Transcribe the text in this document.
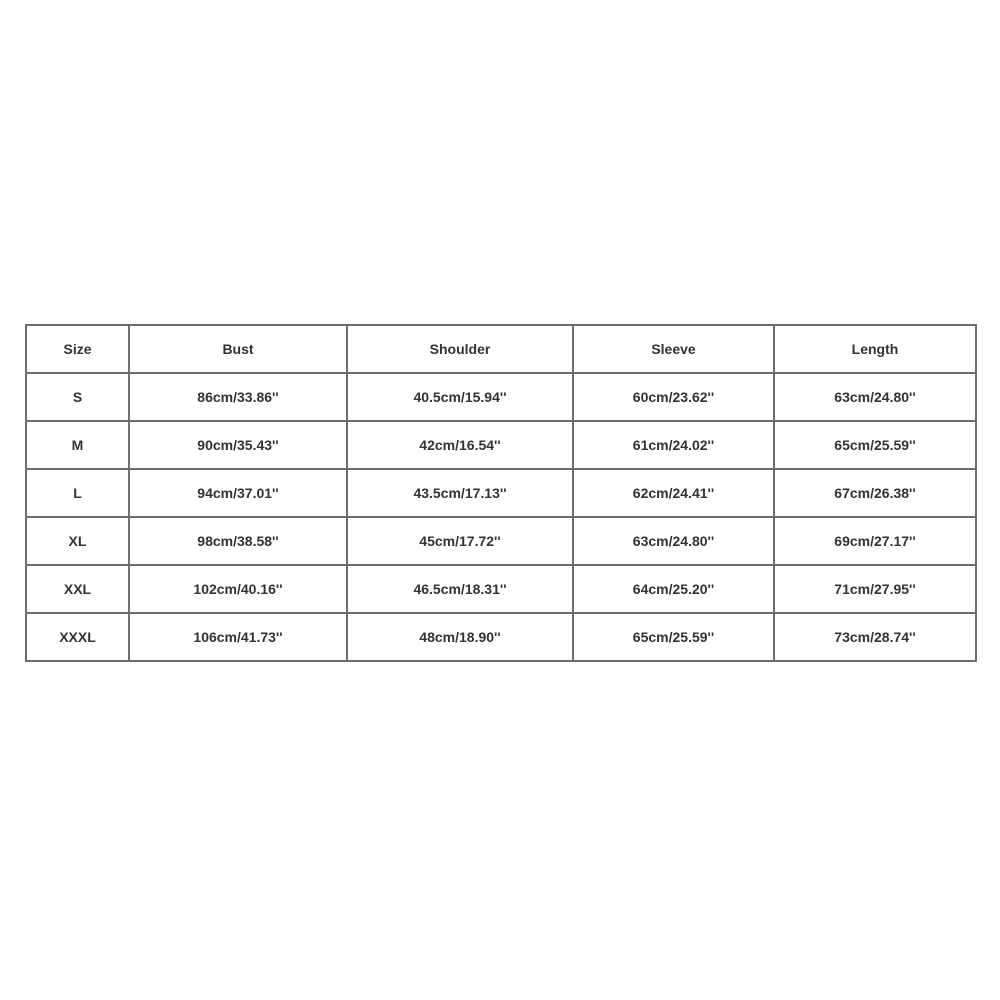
Size	Bust	Shoulder	Sleeve	Length
S	86cm/33.86''	40.5cm/15.94''	60cm/23.62''	63cm/24.80''
M	90cm/35.43''	42cm/16.54''	61cm/24.02''	65cm/25.59''
L	94cm/37.01''	43.5cm/17.13''	62cm/24.41''	67cm/26.38''
XL	98cm/38.58''	45cm/17.72''	63cm/24.80''	69cm/27.17''
XXL	102cm/40.16''	46.5cm/18.31''	64cm/25.20''	71cm/27.95''
XXXL	106cm/41.73''	48cm/18.90''	65cm/25.59''	73cm/28.74''
